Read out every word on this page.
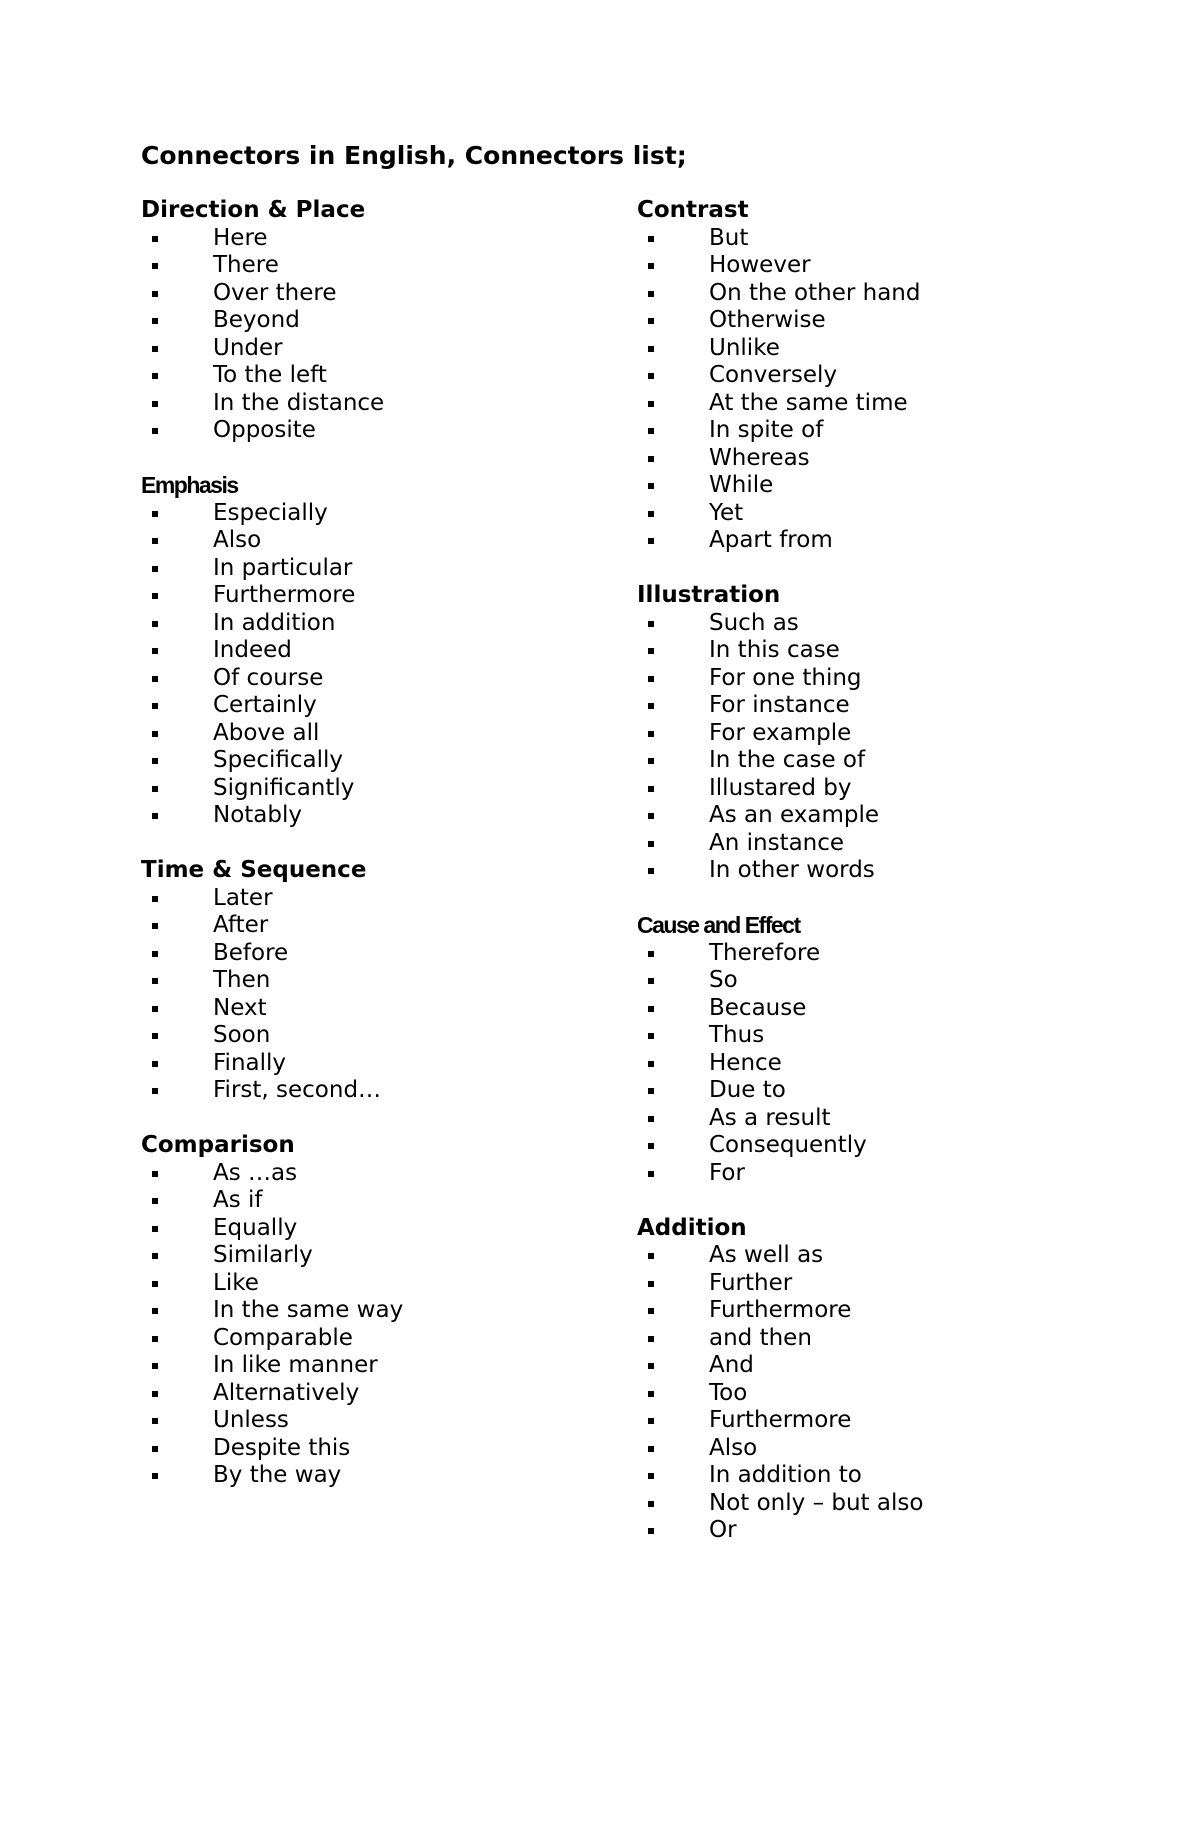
Connectors in English, Connectors list;
Direction & Place
Here
There
Over there
Beyond
Under
To the left
In the distance
Opposite
Emphasis
Especially
Also
In particular
Furthermore
In addition
Indeed
Of course
Certainly
Above all
Specifically
Significantly
Notably
Time & Sequence
Later
After
Before
Then
Next
Soon
Finally
First, second…
Comparison
As …as
As if
Equally
Similarly
Like
In the same way
Comparable
In like manner
Alternatively
Unless
Despite this
By the way
Contrast
But
However
On the other hand
Otherwise
Unlike
Conversely
At the same time
In spite of
Whereas
While
Yet
Apart from
Illustration
Such as
In this case
For one thing
For instance
For example
In the case of
Illustared by
As an example
An instance
In other words
Cause and Effect
Therefore
So
Because
Thus
Hence
Due to
As a result
Consequently
For
Addition
As well as
Further
Furthermore
and then
And
Too
Furthermore
Also
In addition to
Not only – but also
Or
